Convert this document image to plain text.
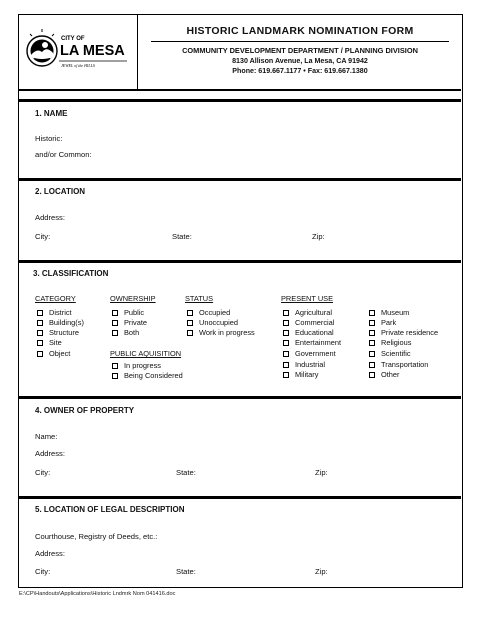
CITY OF
LA MESA
JEWEL of the HILLS
HISTORIC LANDMARK NOMINATION FORM
COMMUNITY DEVELOPMENT DEPARTMENT / PLANNING DIVISION
8130 Allison Avenue, La Mesa, CA 91942
Phone: 619.667.1177 • Fax: 619.667.1380
1. NAME
Historic:
and/or Common:
2. LOCATION
Address:
City:	State:	Zip:
3. CLASSIFICATION
CATEGORY
District
Building(s)
Structure
Site
Object
OWNERSHIP
Public
Private
Both
PUBLIC AQUISITION
In progress
Being Considered
STATUS
Occupied
Unoccupied
Work in progress
PRESENT USE
Agricultural
Commercial
Educational
Entertainment
Government
Industrial
Military
Museum
Park
Private residence
Religious
Scientific
Transportation
Other
4. OWNER OF PROPERTY
Name:
Address:
City:	State:	Zip:
5. LOCATION OF LEGAL DESCRIPTION
Courthouse, Registry of Deeds, etc.:
Address:
City:	State:	Zip:
E:\CP\Handouts\Applications\Historic Lndmrk Nom 041416.doc
